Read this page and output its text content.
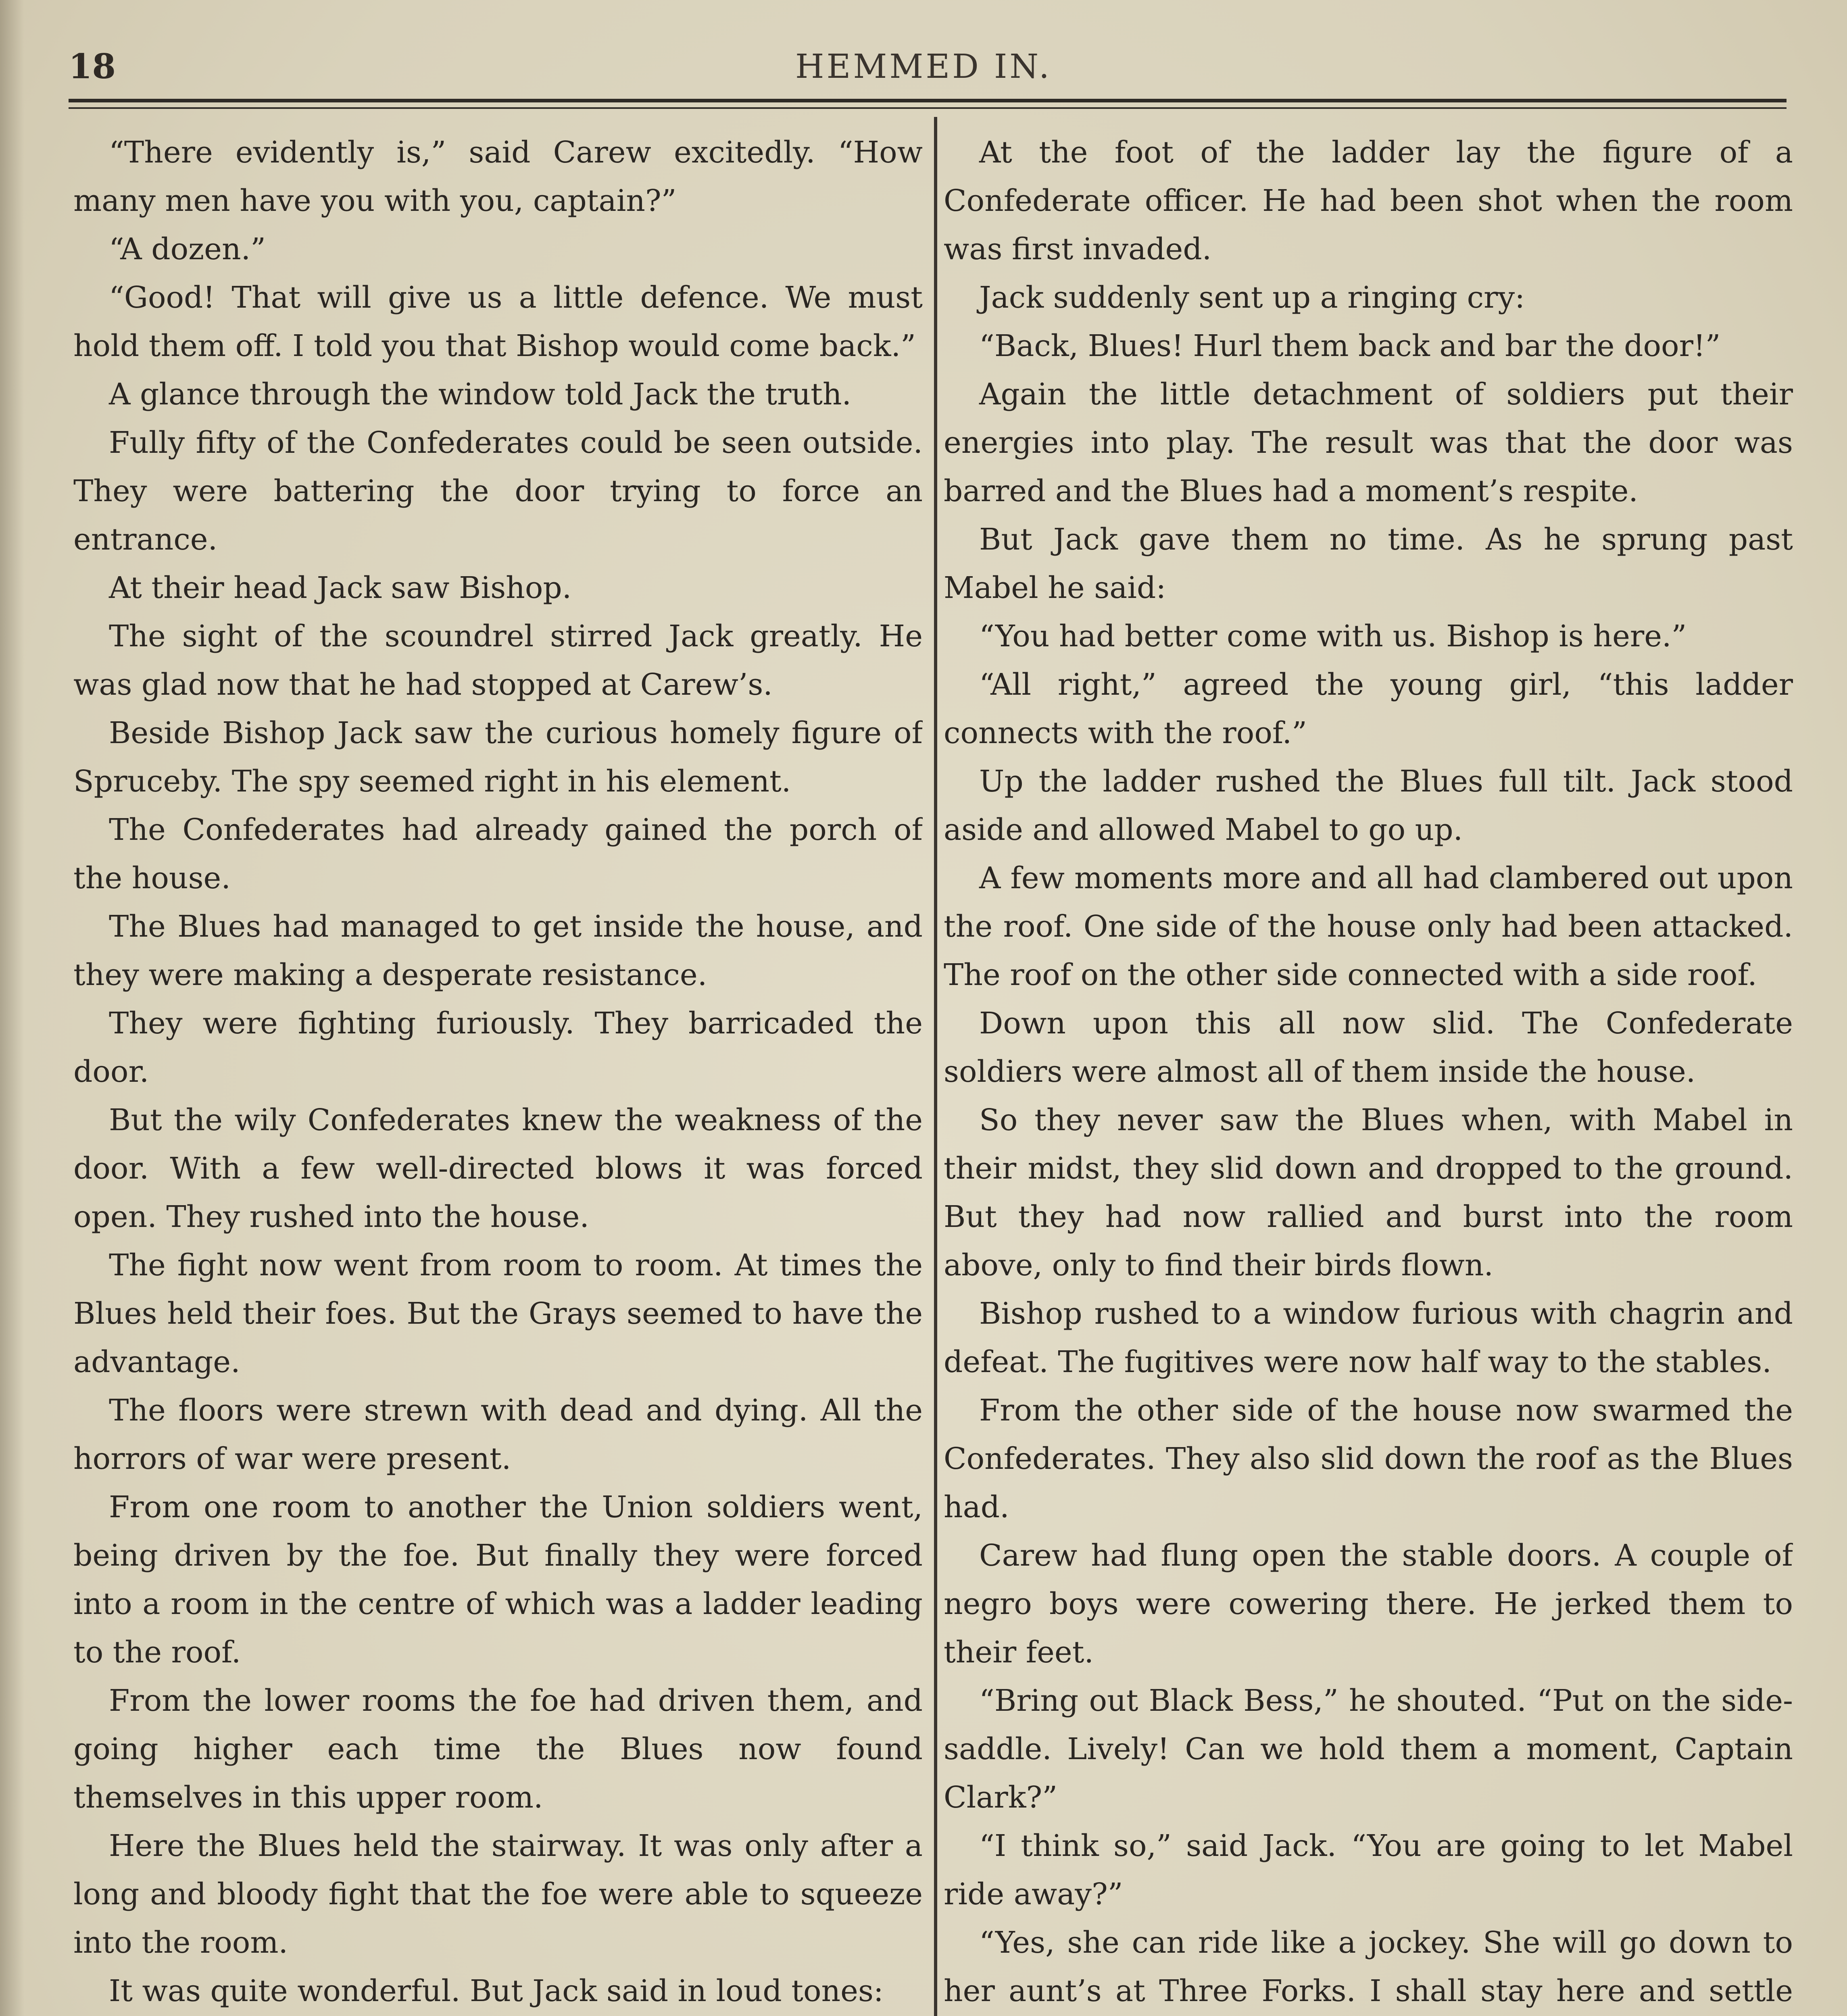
18	HEMMED IN.

“There evidently is,” said Carew excitedly. “How many men have you with you, captain?”

“A dozen.”

“Good! That will give us a little defence. We must hold them off. I told you that Bishop would come back.”

A glance through the window told Jack the truth.

Fully fifty of the Confederates could be seen outside. They were battering the door trying to force an entrance.

At their head Jack saw Bishop.

The sight of the scoundrel stirred Jack greatly. He was glad now that he had stopped at Carew’s.

Beside Bishop Jack saw the curious homely figure of Spruceby. The spy seemed right in his element.

The Confederates had already gained the porch of the house.

The Blues had managed to get inside the house, and they were making a desperate resistance.

They were fighting furiously. They barricaded the door.

But the wily Confederates knew the weakness of the door. With a few well-directed blows it was forced open. They rushed into the house.

The fight now went from room to room. At times the Blues held their foes. But the Grays seemed to have the advantage.

The floors were strewn with dead and dying. All the horrors of war were present.

From one room to another the Union soldiers went, being driven by the foe. But finally they were forced into a room in the centre of which was a ladder leading to the roof.

From the lower rooms the foe had driven them, and going higher each time the Blues now found themselves in this upper room.

Here the Blues held the stairway. It was only after a long and bloody fight that the foe were able to squeeze into the room.

It was quite wonderful. But Jack said in loud tones:

At the foot of the ladder lay the figure of a Confederate officer. He had been shot when the room was first invaded.

Jack suddenly sent up a ringing cry:

“Back, Blues! Hurl them back and bar the door!”

Again the little detachment of soldiers put their energies into play. The result was that the door was barred and the Blues had a moment’s respite.

But Jack gave them no time. As he sprung past Mabel he said:

“You had better come with us. Bishop is here.”

“All right,” agreed the young girl, “this ladder connects with the roof.”

Up the ladder rushed the Blues full tilt. Jack stood aside and allowed Mabel to go up.

A few moments more and all had clambered out upon the roof. One side of the house only had been attacked. The roof on the other side connected with a side roof.

Down upon this all now slid. The Confederate soldiers were almost all of them inside the house.

So they never saw the Blues when, with Mabel in their midst, they slid down and dropped to the ground. But they had now rallied and burst into the room above, only to find their birds flown.

Bishop rushed to a window furious with chagrin and defeat. The fugitives were now half way to the stables.

From the other side of the house now swarmed the Confederates. They also slid down the roof as the Blues had.

Carew had flung open the stable doors. A couple of negro boys were cowering there. He jerked them to their feet.

“Bring out Black Bess,” he shouted. “Put on the side-saddle. Lively! Can we hold them a moment, Captain Clark?”

“I think so,” said Jack. “You are going to let Mabel ride away?”

“Yes, she can ride like a jockey. She will go down to her aunt’s at Three Forks. I shall stay here and settle
